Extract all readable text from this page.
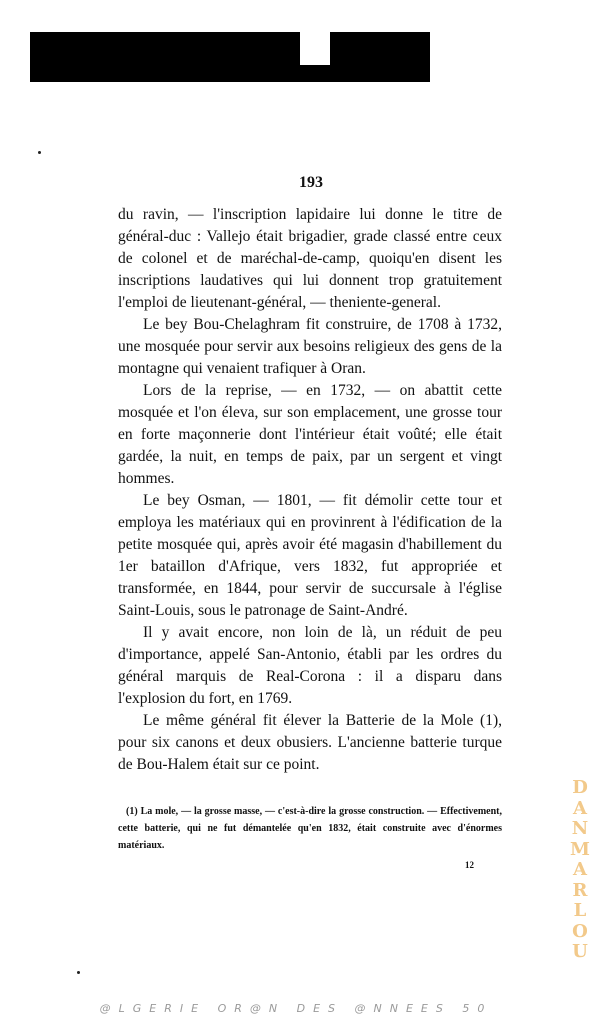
193

du ravin, — l'inscription lapidaire lui donne le titre de général-duc : Vallejo était brigadier, grade classé entre ceux de colonel et de maréchal-de-camp, quoiqu'en disent les inscriptions laudatives qui lui donnent trop gratuitement l'emploi de lieutenant-général, — theniente-general.

Le bey Bou-Chelaghram fit construire, de 1708 à 1732, une mosquée pour servir aux besoins religieux des gens de la montagne qui venaient trafiquer à Oran.

Lors de la reprise, — en 1732, — on abattit cette mosquée et l'on éleva, sur son emplacement, une grosse tour en forte maçonnerie dont l'intérieur était voûté; elle était gardée, la nuit, en temps de paix, par un sergent et vingt hommes.

Le bey Osman, — 1801, — fit démolir cette tour et employa les matériaux qui en provinrent à l'édification de la petite mosquée qui, après avoir été magasin d'habillement du 1er bataillon d'Afrique, vers 1832, fut appropriée et transformée, en 1844, pour servir de succursale à l'église Saint-Louis, sous le patronage de Saint-André.

Il y avait encore, non loin de là, un réduit de peu d'importance, appelé San-Antonio, établi par les ordres du général marquis de Real-Corona : il a disparu dans l'explosion du fort, en 1769.

Le même général fit élever la Batterie de la Mole (1), pour six canons et deux obusiers. L'ancienne batterie turque de Bou-Halem était sur ce point.

(1) La mole, — la grosse masse, — c'est-à-dire la grosse construction. — Effectivement, cette batterie, qui ne fut démantelée qu'en 1832, était construite avec d'énormes matériaux.

12
D
A
N
M
A
R
L
O
U
@LGERIE OR@N DES @NNEES 50
